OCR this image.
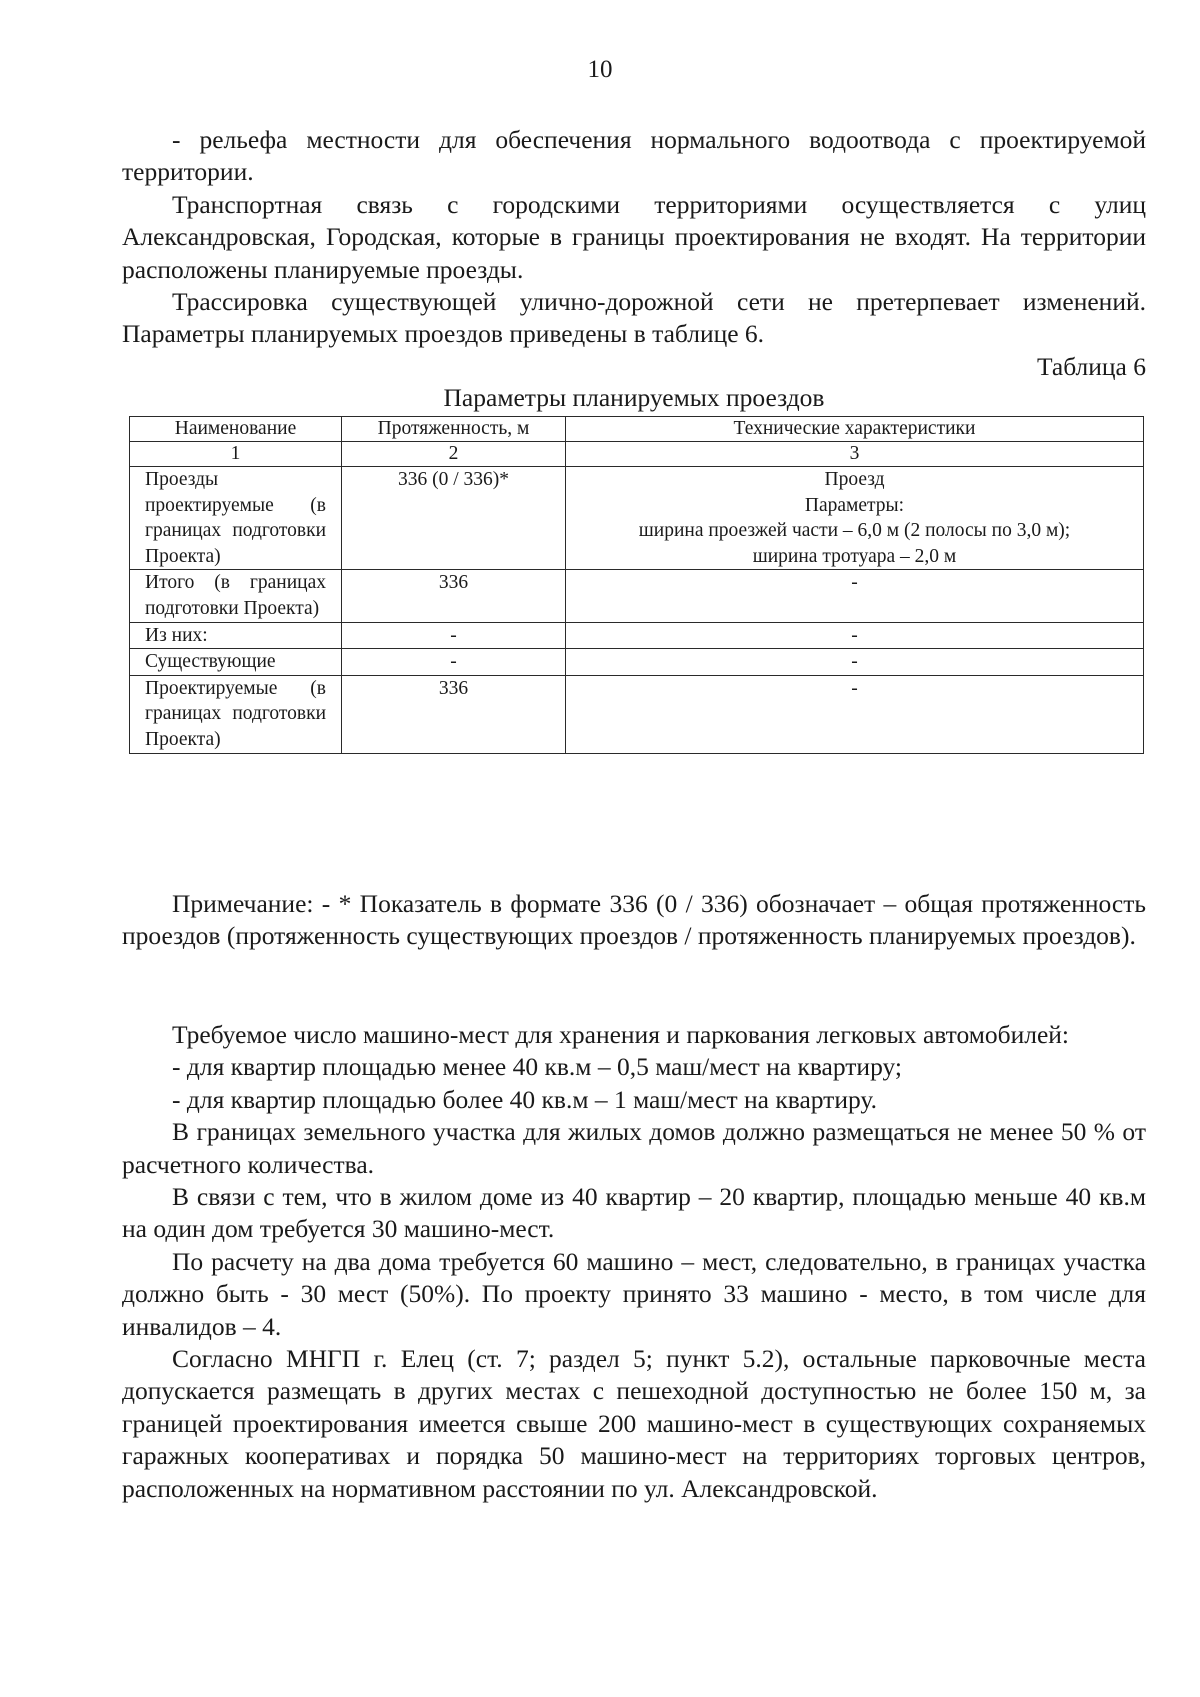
10

- рельефа местности для обеспечения нормального водоотвода с проектируемой территории.

Транспортная связь с городскими территориями осуществляется с улиц Александровская, Городская, которые в границы проектирования не входят. На территории расположены планируемые проезды.

Трассировка существующей улично-дорожной сети не претерпевает изменений. Параметры планируемых проездов приведены в таблице 6.

Таблица 6

Параметры планируемых проездов

Наименование	Протяженность, м	Технические характеристики
1	2	3
Проезды проектируемые (в границах подготовки Проекта)	336 (0 / 336)*	Проезд
Параметры:
ширина проезжей части – 6,0 м (2 полосы по 3,0 м);
ширина тротуара – 2,0 м

Итого (в границах подготовки Проекта)	336	-
Из них:	-	-
Существующие	-	-
Проектируемые (в границах подготовки Проекта)	336	-

Примечание: - * Показатель в формате 336 (0 / 336) обозначает – общая протяженность проездов (протяженность существующих проездов / протяженность планируемых проездов).

Требуемое число машино-мест для хранения и паркования легковых автомобилей:

- для квартир площадью менее 40 кв.м – 0,5 маш/мест на квартиру;

- для квартир площадью более 40 кв.м – 1 маш/мест на квартиру.

В границах земельного участка для жилых домов должно размещаться не менее 50 % от расчетного количества.

В связи с тем, что в жилом доме из 40 квартир – 20 квартир, площадью меньше 40 кв.м на один дом требуется 30 машино-мест.

По расчету на два дома требуется 60 машино – мест, следовательно, в границах участка должно быть - 30 мест (50%). По проекту принято 33 машино - место, в том числе для инвалидов – 4.

Согласно МНГП г. Елец (ст. 7; раздел 5; пункт 5.2), остальные парковочные места допускается размещать в других местах с пешеходной доступностью не более 150 м, за границей проектирования имеется свыше 200 машино-мест в существующих сохраняемых гаражных кооперативах и порядка 50 машино-мест на территориях торговых центров, расположенных на нормативном расстоянии по ул. Александровской.
